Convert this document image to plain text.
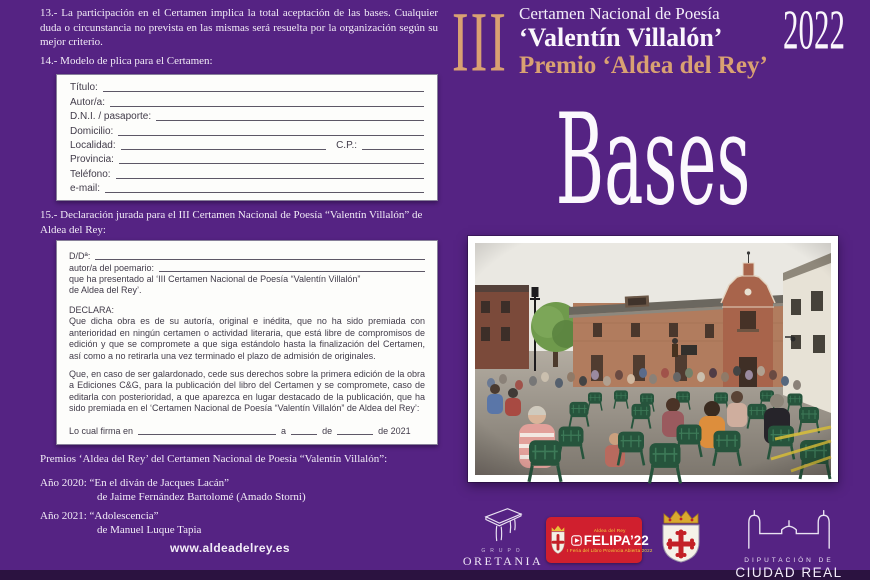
13.- La participación en el Certamen implica la total aceptación de las bases. Cualquier duda o circunstancia no prevista en las mismas será resuelta por la organización según su mejor criterio.
14.- Modelo de plica para el Certamen:
Título:
Autor/a:
D.N.I. / pasaporte:
Domicilio:
Localidad:	C.P.:
Provincia:
Teléfono:
e-mail:
15.- Declaración jurada para el III Certamen Nacional de Poesía “Valentín Villalón” de Aldea del Rey:
D/Dª:
autor/a del poemario:
que ha presentado al ‘III Certamen Nacional de Poesía “Valentín Villalón”
de Aldea del Rey’.
DECLARA:

Que dicha obra es de su autoría, original e inédita, que no ha sido premiada con anterioridad en ningún certamen o actividad literaria, que está libre de compromisos de edición y que se compromete a que siga estándolo hasta la finalización del Certamen, así como a no retirarla una vez terminado el plazo de admisión de originales.

Que, en caso de ser galardonado, cede sus derechos sobre la primera edición de la obra a Ediciones C&G, para la publicación del libro del Certamen y se compromete, caso de editarla con posterioridad, a que aparezca en lugar destacado de la publicación, que ha sido premiada en el ‘Certamen Nacional de Poesía “Valentín Villalón” de Aldea del Rey’:

Lo cual firma en	a	de	de 2021
Premios ‘Aldea del Rey’ del Certamen Nacional de Poesía “Valentín Villalón”:
Año 2020: “En el diván de Jacques Lacán”
de Jaime Fernández Bartolomé (Amado Storni)
Año 2021: “Adolescencia”
de Manuel Luque Tapia
www.aldeadelrey.es
III Certamen Nacional de Poesía
‘Valentín Villalón’
Premio ‘Aldea del Rey’
2022
Bases
GRUPO
ORETANIA
Aldea del Rey
FELIPA’22
I Feria del Libro Provincia Abierta 2022
DIPUTACIÓN DE
CIUDAD REAL
